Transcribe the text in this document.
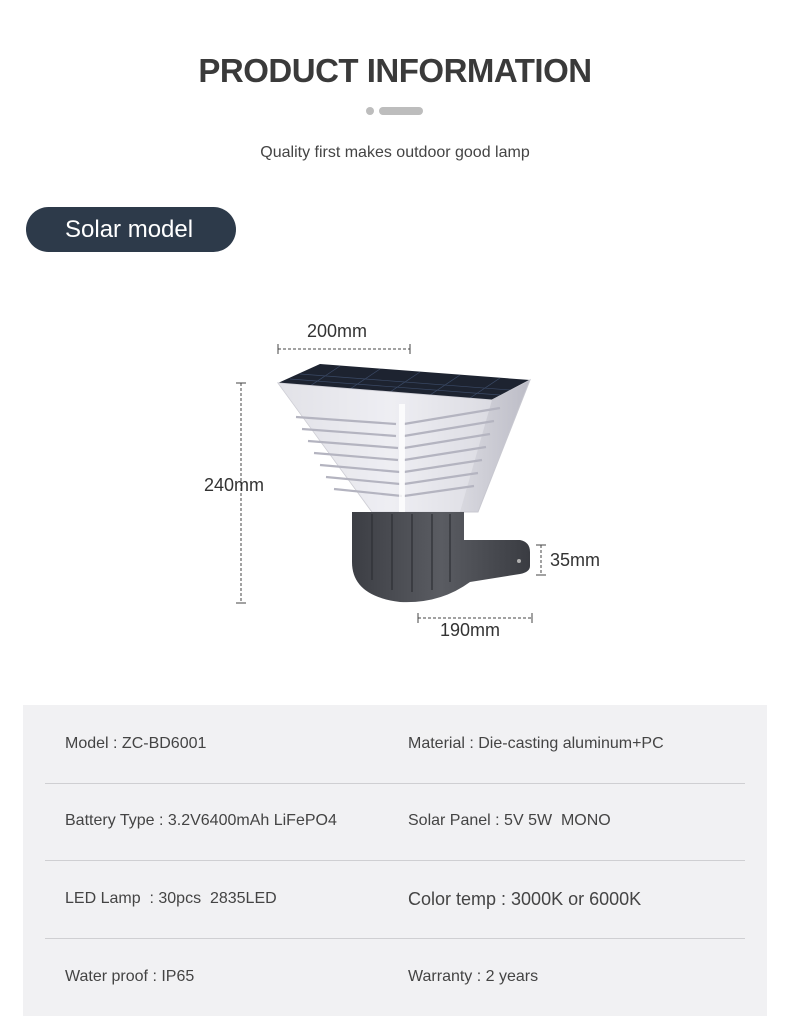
PRODUCT INFORMATION
Quality first makes outdoor good lamp
Solar model
200mm
240mm
35mm
190mm
Model : ZC-BD6001	Material : Die-casting aluminum+PC
Battery Type : 3.2V6400mAh LiFePO4	Solar Panel : 5V 5W  MONO
LED Lamp  : 30pcs  2835LED	Color temp : 3000K or 6000K
Water proof : IP65	Warranty : 2 years
